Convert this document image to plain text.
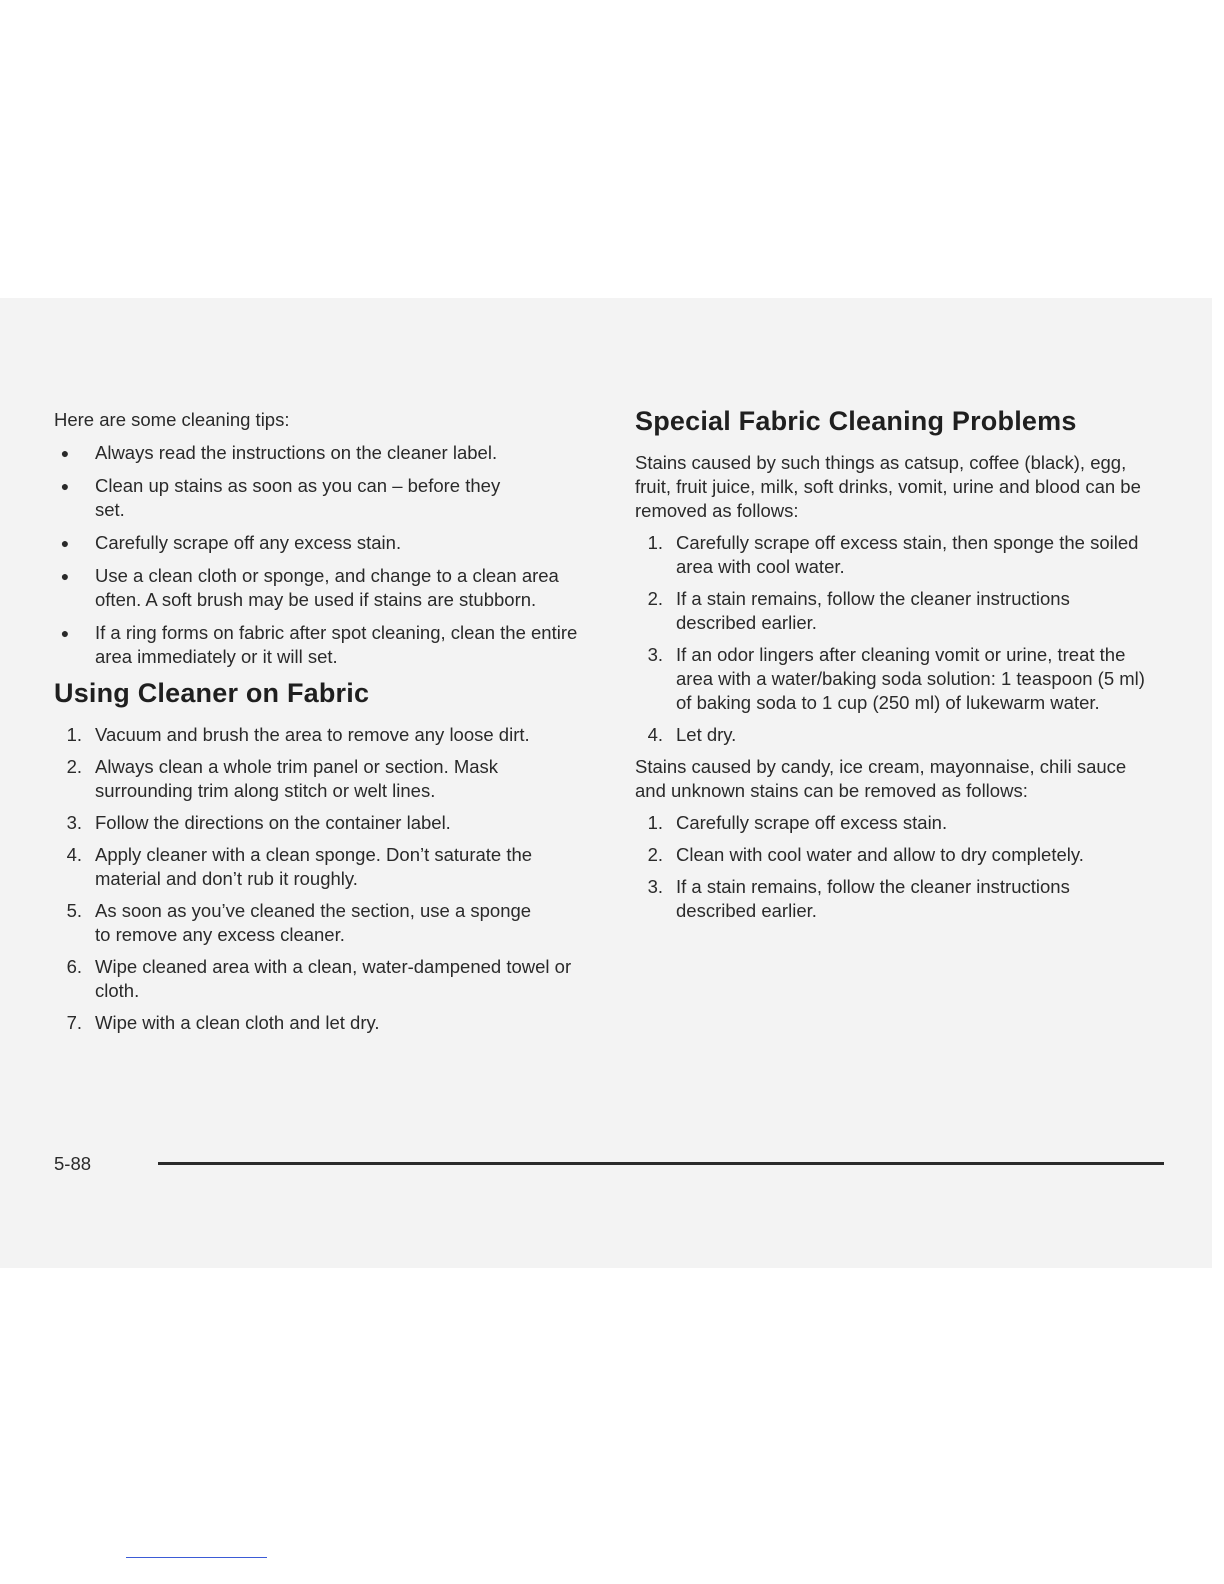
Here are some cleaning tips:

● Always read the instructions on the cleaner label.
● Clean up stains as soon as you can – before they set.
● Carefully scrape off any excess stain.
● Use a clean cloth or sponge, and change to a clean area often. A soft brush may be used if stains are stubborn.
● If a ring forms on fabric after spot cleaning, clean the entire area immediately or it will set.
Using Cleaner on Fabric
1. Vacuum and brush the area to remove any loose dirt.
2. Always clean a whole trim panel or section. Mask surrounding trim along stitch or welt lines.
3. Follow the directions on the container label.
4. Apply cleaner with a clean sponge. Don’t saturate the material and don’t rub it roughly.
5. As soon as you’ve cleaned the section, use a sponge to remove any excess cleaner.
6. Wipe cleaned area with a clean, water-dampened towel or cloth.
7. Wipe with a clean cloth and let dry.
Special Fabric Cleaning Problems

Stains caused by such things as catsup, coffee (black), egg, fruit, fruit juice, milk, soft drinks, vomit, urine and blood can be removed as follows:

1. Carefully scrape off excess stain, then sponge the soiled area with cool water.
2. If a stain remains, follow the cleaner instructions described earlier.
3. If an odor lingers after cleaning vomit or urine, treat the area with a water/baking soda solution: 1 teaspoon (5 ml) of baking soda to 1 cup (250 ml) of lukewarm water.
4. Let dry.

Stains caused by candy, ice cream, mayonnaise, chili sauce and unknown stains can be removed as follows:

1. Carefully scrape off excess stain.
2. Clean with cool water and allow to dry completely.
3. If a stain remains, follow the cleaner instructions described earlier.
5-88
